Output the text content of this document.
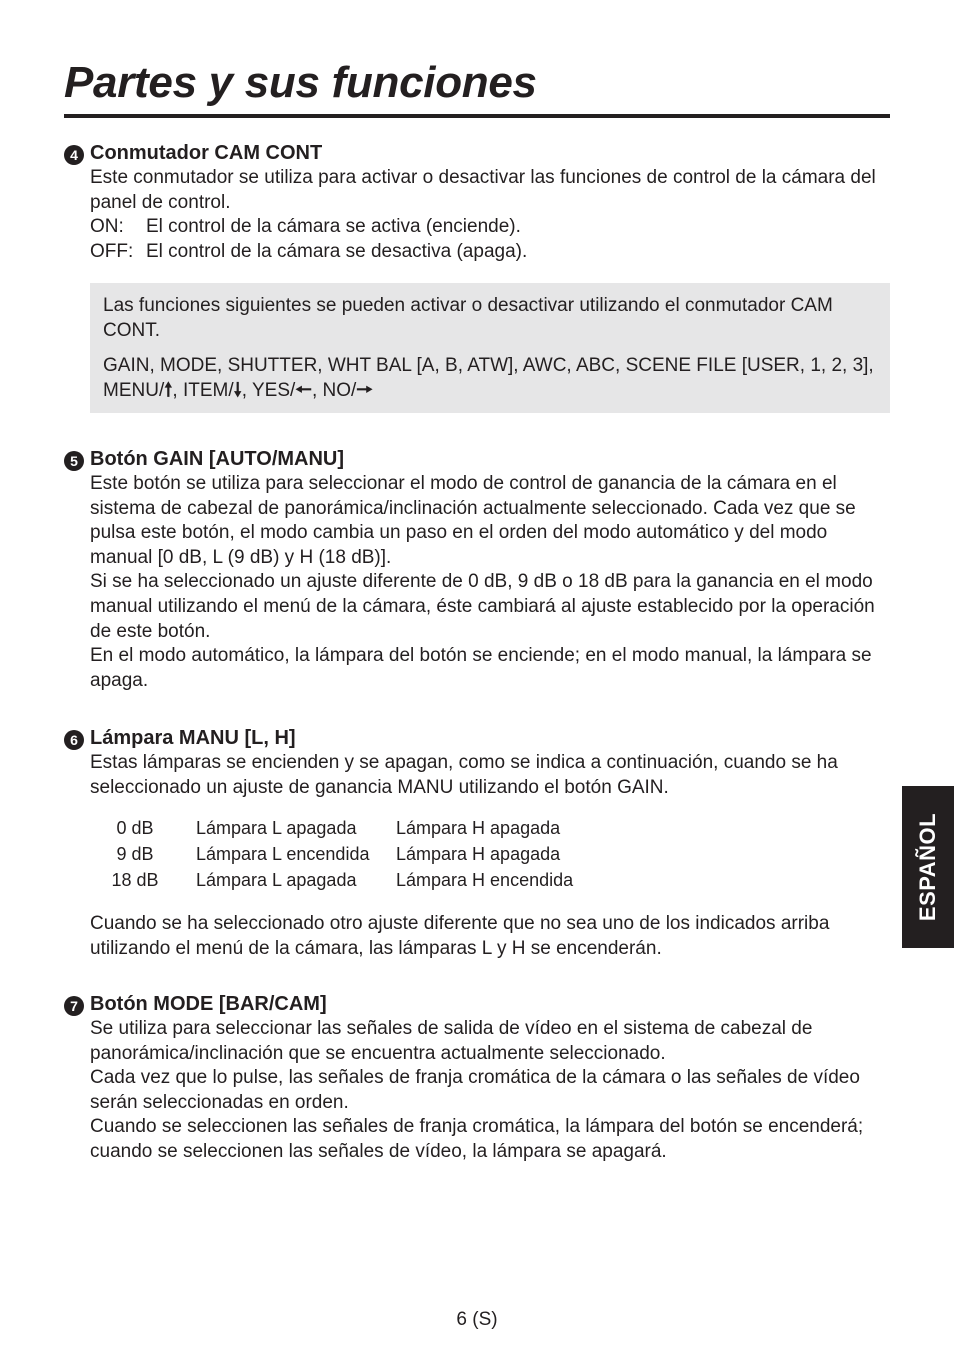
Partes y sus funciones
4 Conmutador CAM CONT

Este conmutador se utiliza para activar o desactivar las funciones de control de la cámara del panel de control.

ON:	El control de la cámara se activa (enciende).
OFF: El control de la cámara se desactiva (apaga).

Las funciones siguientes se pueden activar o desactivar utilizando el conmutador CAM CONT.

GAIN, MODE, SHUTTER, WHT BAL [A, B, ATW], AWC, ABC, SCENE FILE [USER, 1, 2, 3], MENU/🠕, ITEM/🠗, YES/🠔, NO/🠖

5 Botón GAIN [AUTO/MANU]

Este botón se utiliza para seleccionar el modo de control de ganancia de la cámara en el sistema de cabezal de panorámica/inclinación actualmente seleccionado. Cada vez que se pulsa este botón, el modo cambia un paso en el orden del modo automático y del modo manual [0 dB, L (9 dB) y H (18 dB)].

Si se ha seleccionado un ajuste diferente de 0 dB, 9 dB o 18 dB para la ganancia en el modo manual utilizando el menú de la cámara, éste cambiará al ajuste establecido por la operación de este botón.

En el modo automático, la lámpara del botón se enciende; en el modo manual, la lámpara se apaga.

6 Lámpara MANU [L, H]

Estas lámparas se encienden y se apagan, como se indica a continuación, cuando se ha seleccionado un ajuste de ganancia MANU utilizando el botón GAIN.

0 dB	Lámpara L apagada	Lámpara H apagada
9 dB	Lámpara L encendida	Lámpara H apagada
18 dB	Lámpara L apagada	Lámpara H encendida

Cuando se ha seleccionado otro ajuste diferente que no sea uno de los indicados arriba utilizando el menú de la cámara, las lámparas L y H se encenderán.

7 Botón MODE [BAR/CAM]

Se utiliza para seleccionar las señales de salida de vídeo en el sistema de cabezal de panorámica/inclinación que se encuentra actualmente seleccionado.

Cada vez que lo pulse, las señales de franja cromática de la cámara o las señales de vídeo serán seleccionadas en orden.

Cuando se seleccionen las señales de franja cromática, la lámpara del botón se encenderá; cuando se seleccionen las señales de vídeo, la lámpara se apagará.

ESPAÑOL
6 (S)
